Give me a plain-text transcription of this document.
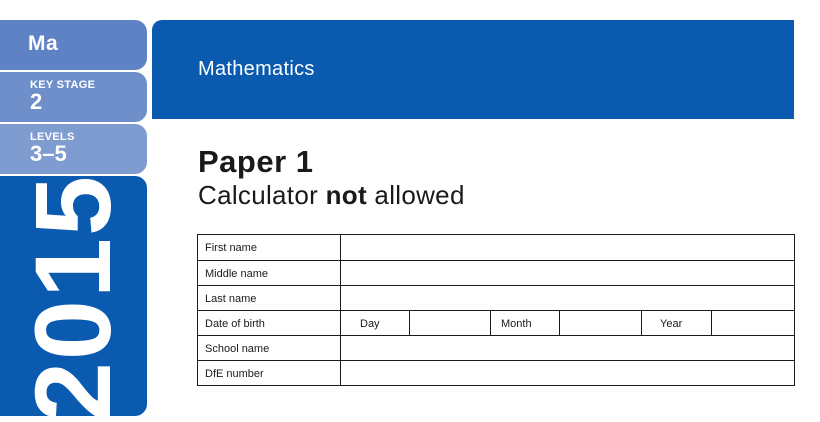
Ma
KEY STAGE
2
LEVELS
3–5
2015
Mathematics
Paper 1
Calculator not allowed
First name
Middle name
Last name
Date of birth	Day	Month	Year
School name
DfE number
